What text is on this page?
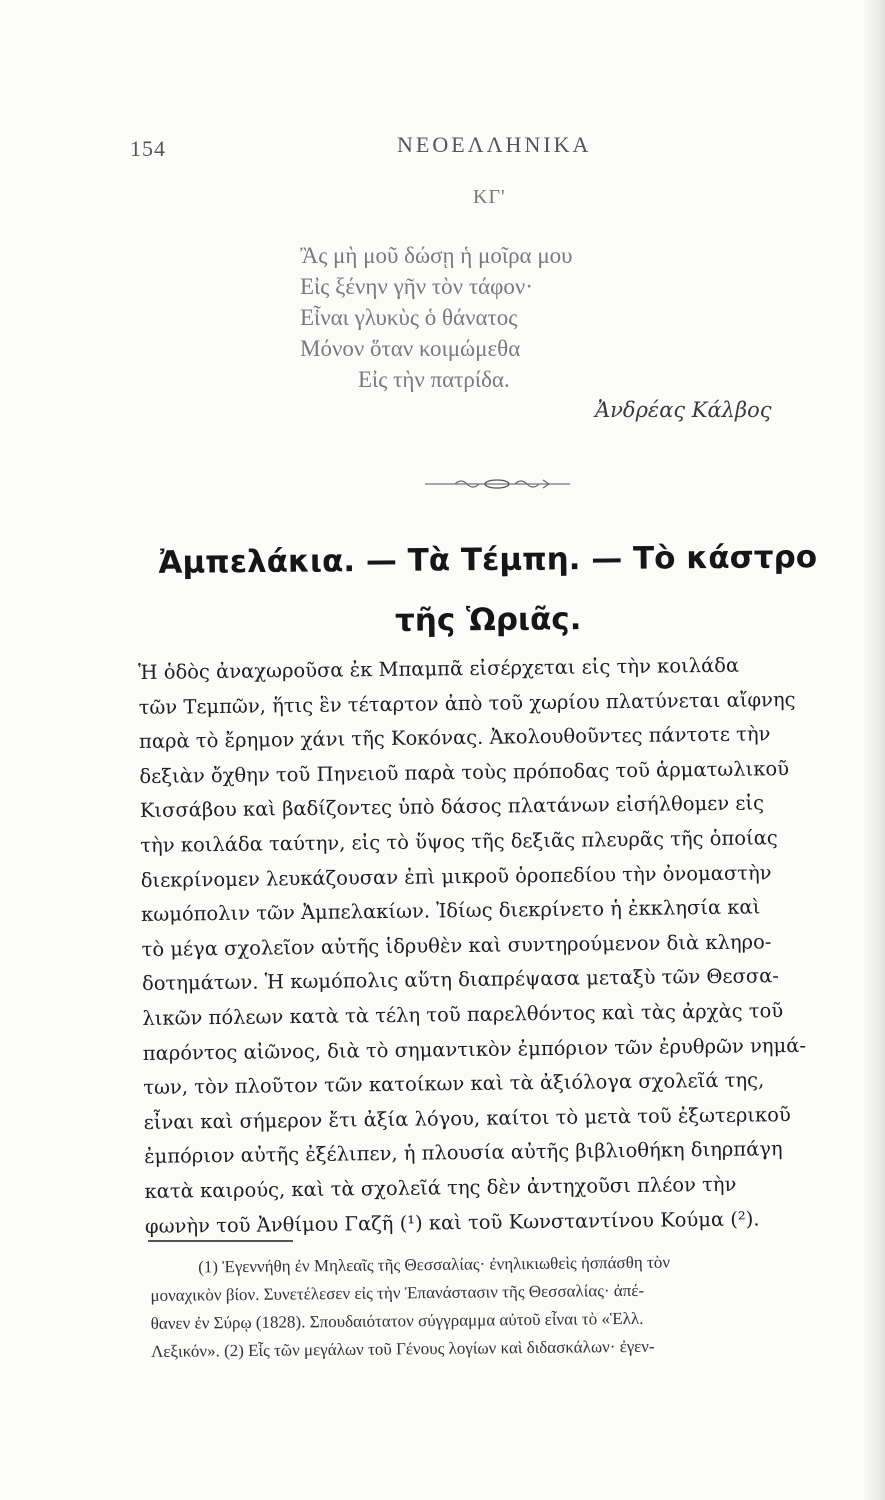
154	ΝΕΟΕΛΛΗΝΙΚΑ
ΚΓ'
Ἂς μὴ μοῦ δώσῃ ἡ μοῖρα μου
Εἰς ξένην γῆν τὸν τάφον·
Εἶναι γλυκὺς ὁ θάνατος
Μόνον ὅταν κοιμώμεθα
Εἰς τὴν πατρίδα.
Ἀνδρέας Κάλβος
Ἀμπελάκια. — Τὰ Τέμπη. — Τὸ κάστρο
τῆς Ὡριᾶς.
Ἡ ὁδὸς ἀναχωροῦσα ἐκ Μπαμπᾶ εἰσέρχεται εἰς τὴν κοιλάδα
τῶν Τεμπῶν, ἥτις ἓν τέταρτον ἀπὸ τοῦ χωρίου πλατύνεται αἴφνης
παρὰ τὸ ἔρημον χάνι τῆς Κοκόνας. Ἀκολουθοῦντες πάντοτε τὴν
δεξιὰν ὄχθην τοῦ Πηνειοῦ παρὰ τοὺς πρόποδας τοῦ ἁρματωλικοῦ
Κισσάβου καὶ βαδίζοντες ὑπὸ δάσος πλατάνων εἰσήλθομεν εἰς
τὴν κοιλάδα ταύτην, εἰς τὸ ὕψος τῆς δεξιᾶς πλευρᾶς τῆς ὁποίας
διεκρίνομεν λευκάζουσαν ἐπὶ μικροῦ ὀροπεδίου τὴν ὀνομαστὴν
κωμόπολιν τῶν Ἀμπελακίων. Ἰδίως διεκρίνετο ἡ ἐκκλησία καὶ
τὸ μέγα σχολεῖον αὐτῆς ἱδρυθὲν καὶ συντηρούμενον διὰ κληρο-
δοτημάτων. Ἡ κωμόπολις αὕτη διαπρέψασα μεταξὺ τῶν Θεσσα-
λικῶν πόλεων κατὰ τὰ τέλη τοῦ παρελθόντος καὶ τὰς ἀρχὰς τοῦ
παρόντος αἰῶνος, διὰ τὸ σημαντικὸν ἐμπόριον τῶν ἐρυθρῶν νημά-
των, τὸν πλοῦτον τῶν κατοίκων καὶ τὰ ἀξιόλογα σχολεῖά της,
εἶναι καὶ σήμερον ἔτι ἀξία λόγου, καίτοι τὸ μετὰ τοῦ ἐξωτερικοῦ
ἐμπόριον αὐτῆς ἐξέλιπεν, ἡ πλουσία αὐτῆς βιβλιοθήκη διηρπάγη
κατὰ καιρούς, καὶ τὰ σχολεῖά της δὲν ἀντηχοῦσι πλέον τὴν
φωνὴν τοῦ Ἀνθίμου Γαζῆ (¹) καὶ τοῦ Κωνσταντίνου Κούμα (²).
(1) Ἐγεννήθη ἐν Μηλεαῖς τῆς Θεσσαλίας· ἐνηλικιωθεὶς ἠσπάσθη τὸν
μοναχικὸν βίον. Συνετέλεσεν εἰς τὴν Ἐπανάστασιν τῆς Θεσσαλίας· ἀπέ-
θανεν ἐν Σύρῳ (1828). Σπουδαιότατον σύγγραμμα αὐτοῦ εἶναι τὸ «Ἑλλ.
Λεξικόν». (2) Εἷς τῶν μεγάλων τοῦ Γένους λογίων καὶ διδασκάλων· ἐγεν-
